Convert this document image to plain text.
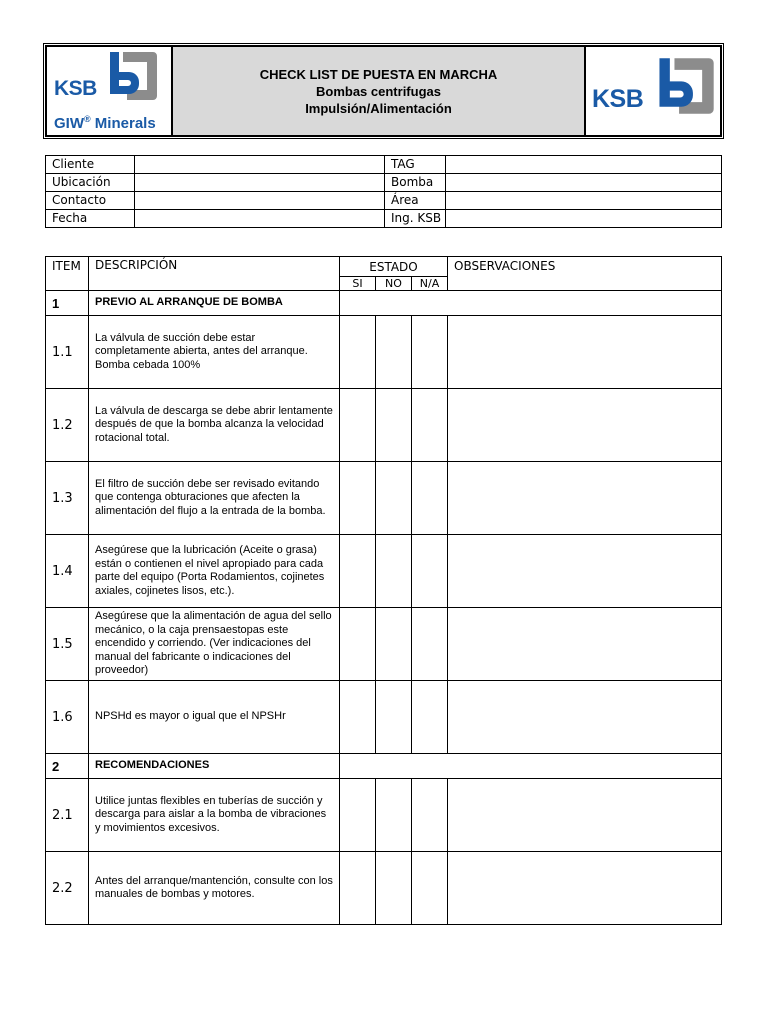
KSB
GIW® Minerals
CHECK LIST DE PUESTA EN MARCHA
Bombas centrifugas
Impulsión/Alimentación	KSB
Cliente		TAG	
Ubicación		Bomba	
Contacto		Área	
Fecha		Ing. KSB	
ITEM	DESCRIPCIÓN	ESTADO			OBSERVACIONES
		SI	NO	N/A	
1	PREVIO AL ARRANQUE DE BOMBA				
1.1	La válvula de succión debe estar completamente abierta, antes del arranque. Bomba cebada 100%				
1.2	La válvula de descarga se debe abrir lentamente después de que la bomba alcanza la velocidad rotacional total.				
1.3	El filtro de succión debe ser revisado evitando que contenga obturaciones que afecten la alimentación del flujo a la entrada de la bomba.				
1.4	Asegúrese que la lubricación (Aceite o grasa) están o contienen el nivel apropiado para cada parte del equipo (Porta Rodamientos, cojinetes axiales, cojinetes lisos, etc.).				
1.5	Asegúrese que la alimentación de agua del sello mecánico, o la caja prensaestopas este encendido y corriendo. (Ver indicaciones del manual del fabricante o indicaciones del proveedor)				
1.6	NPSHd es mayor o igual que el NPSHr				
2	RECOMENDACIONES				
2.1	Utilice juntas flexibles en tuberías de succión y descarga para aislar a la bomba de vibraciones y movimientos excesivos.				
2.2	Antes del arranque/mantención, consulte con los manuales de bombas y motores.				
